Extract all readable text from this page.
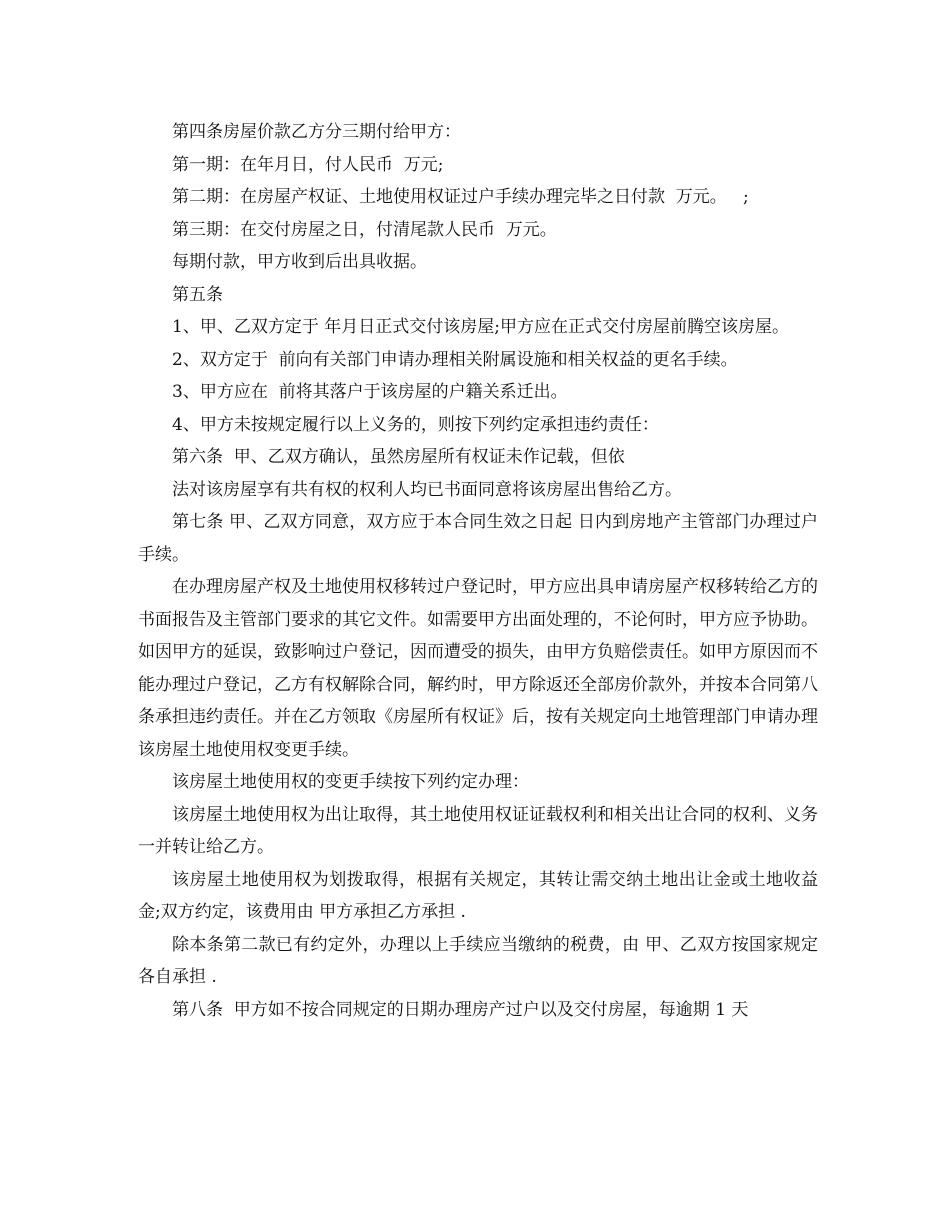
第四条房屋价款乙方分三期付给甲方：

第一期：在年月日，付人民币  万元;

第二期：在房屋产权证、土地使用权证过户手续办理完毕之日付款  万元。   ;

第三期：在交付房屋之日，付清尾款人民币  万元。

每期付款，甲方收到后出具收据。

第五条

1、甲、乙双方定于 年月日正式交付该房屋;甲方应在正式交付房屋前腾空该房屋。

2、双方定于  前向有关部门申请办理相关附属设施和相关权益的更名手续。

3、甲方应在  前将其落户于该房屋的户籍关系迁出。

4、甲方未按规定履行以上义务的，则按下列约定承担违约责任：

第六条  甲、乙双方确认，虽然房屋所有权证未作记载，但依

法对该房屋享有共有权的权利人均已书面同意将该房屋出售给乙方。

第七条 甲、乙双方同意，双方应于本合同生效之日起 日内到房地产主管部门办理过户手续。

在办理房屋产权及土地使用权移转过户登记时，甲方应出具申请房屋产权移转给乙方的书面报告及主管部门要求的其它文件。如需要甲方出面处理的，不论何时，甲方应予协助。如因甲方的延误，致影响过户登记，因而遭受的损失，由甲方负赔偿责任。如甲方原因而不能办理过户登记，乙方有权解除合同，解约时，甲方除返还全部房价款外，并按本合同第八条承担违约责任。并在乙方领取《房屋所有权证》后，按有关规定向土地管理部门申请办理该房屋土地使用权变更手续。

该房屋土地使用权的变更手续按下列约定办理：

该房屋土地使用权为出让取得，其土地使用权证证载权利和相关出让合同的权利、义务一并转让给乙方。

该房屋土地使用权为划拨取得，根据有关规定，其转让需交纳土地出让金或土地收益金;双方约定，该费用由 甲方承担乙方承担 .

除本条第二款已有约定外，办理以上手续应当缴纳的税费，由 甲、乙双方按国家规定各自承担 .

第八条  甲方如不按合同规定的日期办理房产过户以及交付房屋，每逾期 1 天
